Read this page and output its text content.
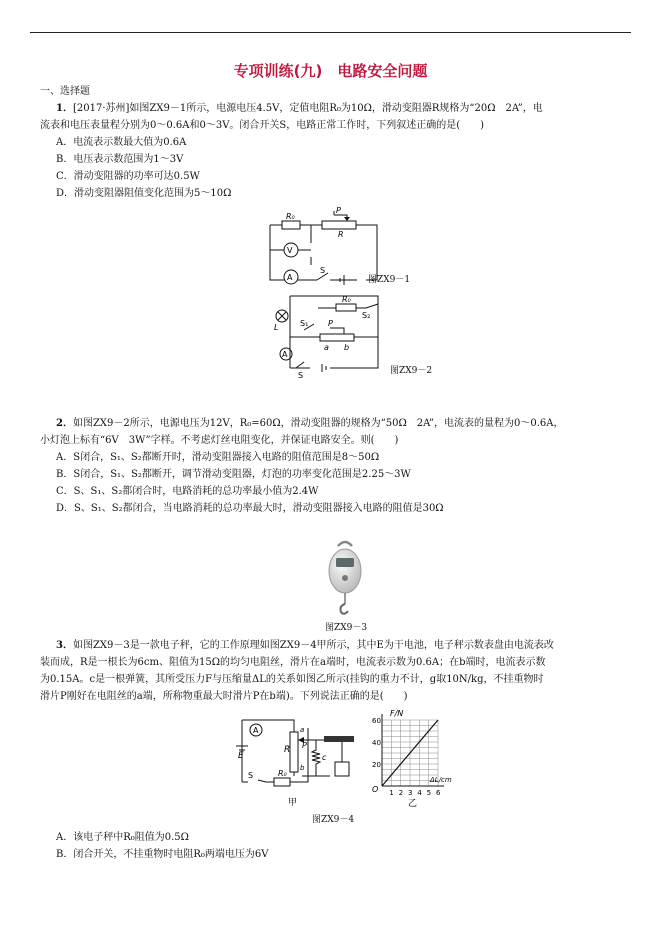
专项训练(九)　电路安全问题
一、选择题
1．[2017·苏州]如图ZX9－1所示，电源电压4.5V，定值电阻R₀为10Ω，滑动变阻器R规格为“20Ω　2A”，电
流表和电压表量程分别为0～0.6A和0～3V。闭合开关S，电路正常工作时，下列叙述正确的是(　　)
A．电流表示数最大值为0.6A
B．电压表示数范围为1～3V
C．滑动变阻器的功率可达0.5W
D．滑动变阻器阻值变化范围为5～10Ω
R₀
R
P
V
A
S
图ZX9－1
L
R₀
S₁
S₂
P
a b
A
S	图ZX9－2
2．如图ZX9－2所示，电源电压为12V，R₀=60Ω，滑动变阻器的规格为“50Ω　2A”，电流表的量程为0～0.6A，
小灯泡上标有“6V　3W”字样。不考虑灯丝电阻变化，并保证电路安全。则(　　)
A．S闭合，S₁、S₂都断开时，滑动变阻器接入电路的阻值范围是8～50Ω
B．S闭合，S₁、S₂都断开，调节滑动变阻器，灯泡的功率变化范围是2.25～3W
C．S、S₁、S₂都闭合时，电路消耗的总功率最小值为2.4W
D．S、S₁、S₂都闭合，当电路消耗的总功率最大时，滑动变阻器接入电路的阻值是30Ω
图ZX9－3
3．如图ZX9－3是一款电子秤，它的工作原理如图ZX9－4甲所示，其中E为干电池，电子秤示数表盘由电流表改
装而成，R是一根长为6cm、阻值为15Ω的均匀电阻丝，滑片在a端时，电流表示数为0.6A；在b端时，电流表示数
为0.15A。c是一根弹簧，其所受压力F与压缩量ΔL的关系如图乙所示(挂钩的重力不计，g取10N/kg，不挂重物时
滑片P刚好在电阻丝的a端，所称物重最大时滑片P在b端)。下列说法正确的是(　　)
A
E
R
a
b
P
c
R₀
S
甲
20
40
60
1 2 3 4 5 6
F/N
ΔL/cm
O
乙
图ZX9－4
A．该电子秤中R₀阻值为0.5Ω
B．闭合开关，不挂重物时电阻R₀两端电压为6V
